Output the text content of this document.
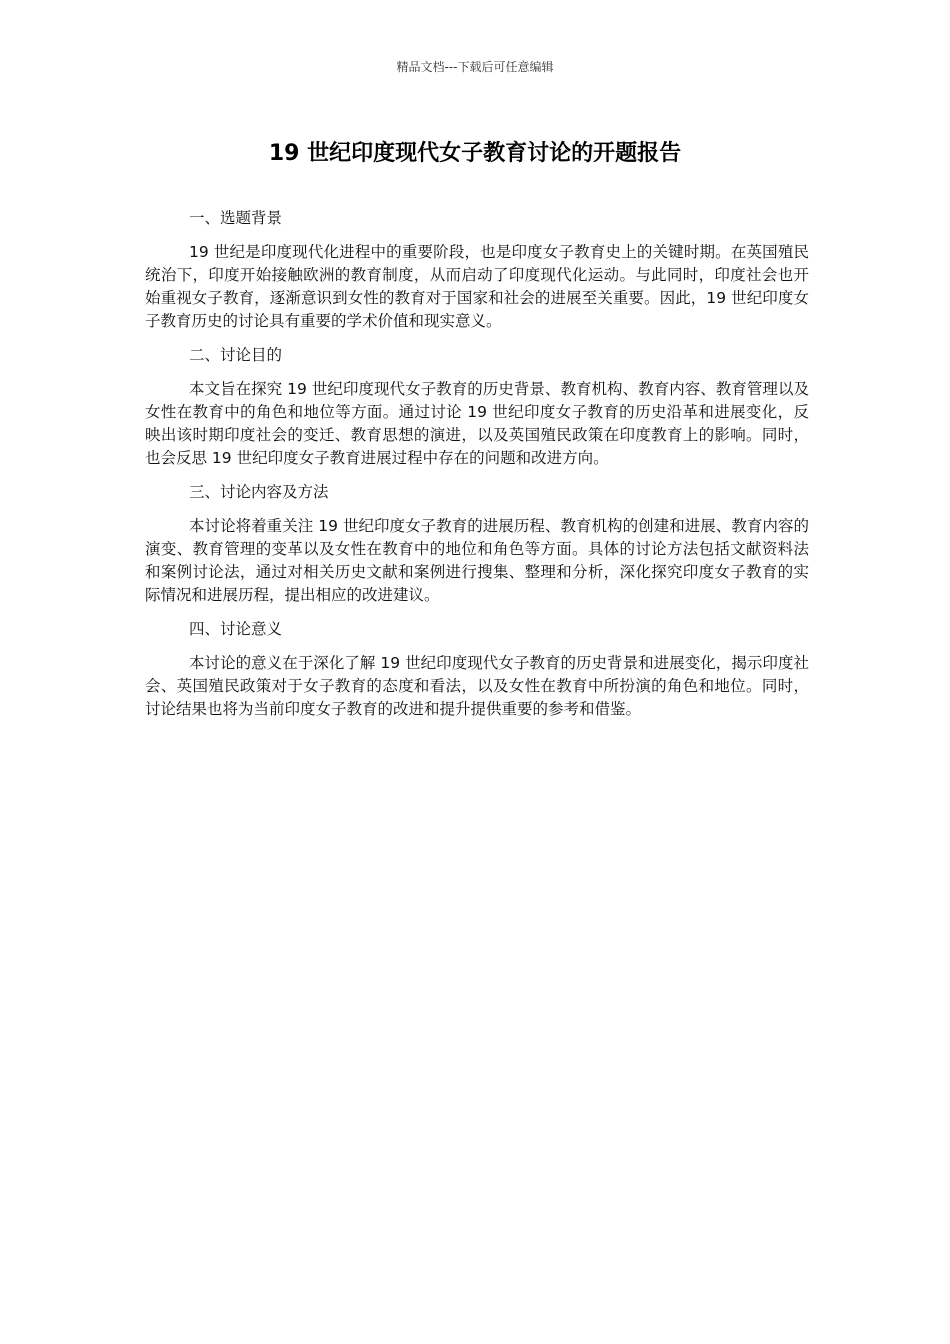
精品文档---下载后可任意编辑
19 世纪印度现代女子教育讨论的开题报告

一、选题背景

19 世纪是印度现代化进程中的重要阶段，也是印度女子教育史上的关键时期。在英国殖民统治下，印度开始接触欧洲的教育制度，从而启动了印度现代化运动。与此同时，印度社会也开始重视女子教育，逐渐意识到女性的教育对于国家和社会的进展至关重要。因此，19 世纪印度女子教育历史的讨论具有重要的学术价值和现实意义。

二、讨论目的

本文旨在探究 19 世纪印度现代女子教育的历史背景、教育机构、教育内容、教育管理以及女性在教育中的角色和地位等方面。通过讨论 19 世纪印度女子教育的历史沿革和进展变化，反映出该时期印度社会的变迁、教育思想的演进，以及英国殖民政策在印度教育上的影响。同时，也会反思 19 世纪印度女子教育进展过程中存在的问题和改进方向。

三、讨论内容及方法

本讨论将着重关注 19 世纪印度女子教育的进展历程、教育机构的创建和进展、教育内容的演变、教育管理的变革以及女性在教育中的地位和角色等方面。具体的讨论方法包括文献资料法和案例讨论法，通过对相关历史文献和案例进行搜集、整理和分析，深化探究印度女子教育的实际情况和进展历程，提出相应的改进建议。

四、讨论意义

本讨论的意义在于深化了解 19 世纪印度现代女子教育的历史背景和进展变化，揭示印度社会、英国殖民政策对于女子教育的态度和看法，以及女性在教育中所扮演的角色和地位。同时，讨论结果也将为当前印度女子教育的改进和提升提供重要的参考和借鉴。
